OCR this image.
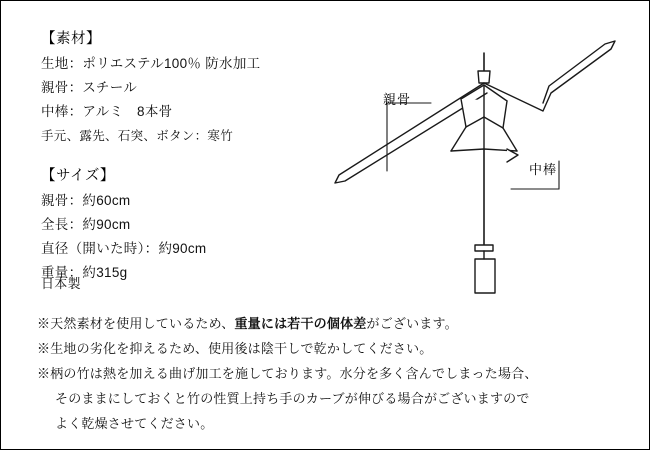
【素材】
生地：ポリエステル100％ 防水加工
親骨：スチール
中棒：アルミ　8本骨
手元、露先、石突、ボタン：寒竹
【サイズ】
親骨：約60cm
全長：約90cm
直径（開いた時）：約90cm
重量：約315g
日本製
※天然素材を使用しているため、重量には若干の個体差がございます。
※生地の劣化を抑えるため、使用後は陰干しで乾かしてください。
※柄の竹は熱を加える曲げ加工を施しております。水分を多く含んでしまった場合、
そのままにしておくと竹の性質上持ち手のカーブが伸びる場合がございますので
よく乾燥させてください。
親骨
中棒
